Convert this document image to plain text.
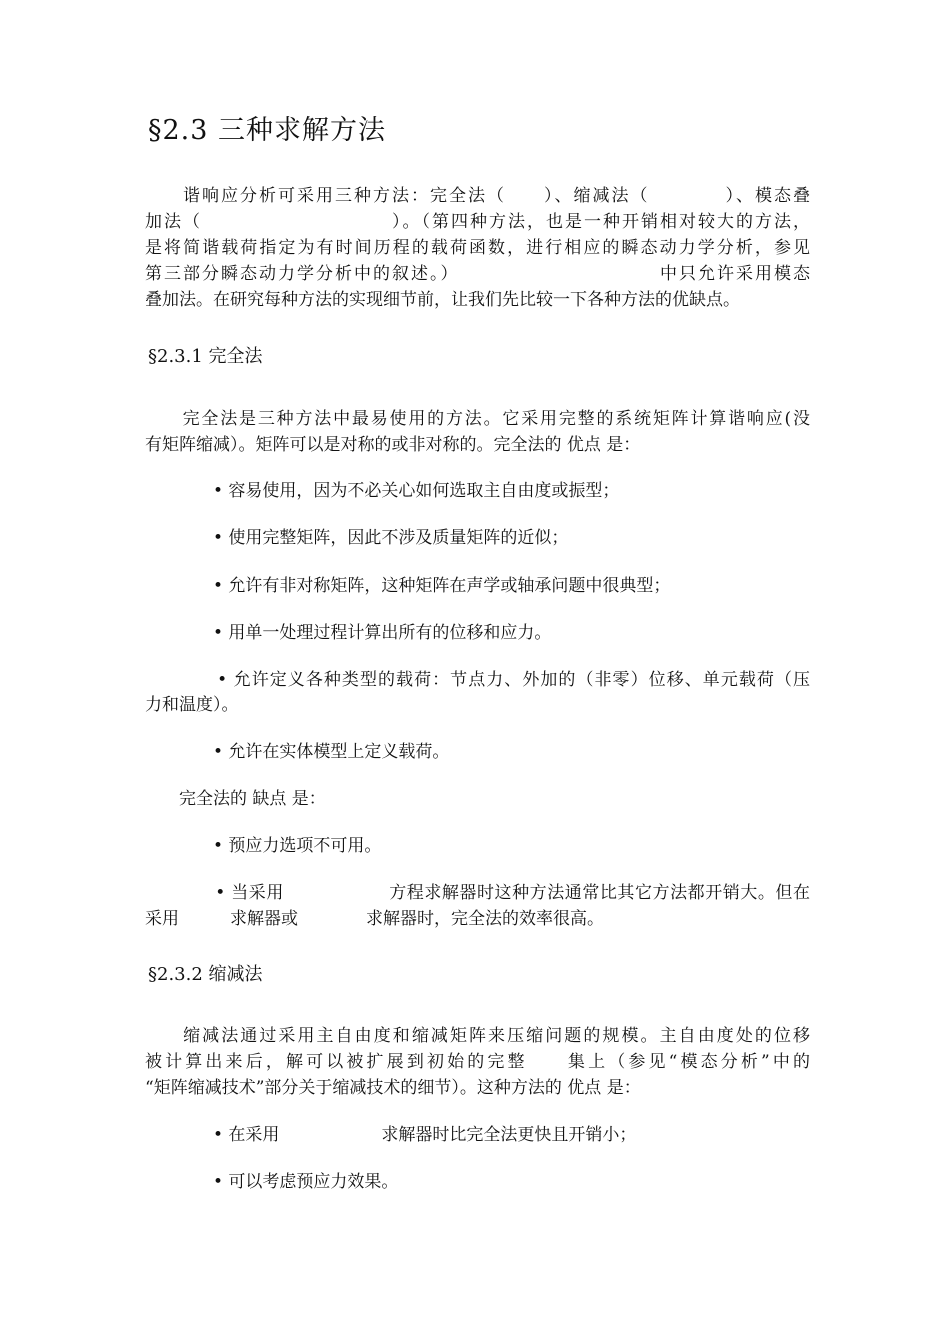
§2.3 三种求解方法
　　谐响应分析可采用三种方法：完全法（　　）、缩减法（　　　　）、模态叠
加法（　　　　　　　　　　）。（第四种方法，也是一种开销相对较大的方法，
是将简谐载荷指定为有时间历程的载荷函数，进行相应的瞬态动力学分析，参见
第三部分瞬态动力学分析中的叙述。）　　　　　　　　　　　中只允许采用模态
叠加法。在研究每种方法的实现细节前，让我们先比较一下各种方法的优缺点。
§2.3.1 完全法
　　完全法是三种方法中最易使用的方法。它采用完整的系统矩阵计算谐响应(没
有矩阵缩减）。矩阵可以是对称的或非对称的。完全法的 优点 是：
　　　　• 容易使用，因为不必关心如何选取主自由度或振型；
　　　　• 使用完整矩阵，因此不涉及质量矩阵的近似；
　　　　• 允许有非对称矩阵，这种矩阵在声学或轴承问题中很典型；
　　　　• 用单一处理过程计算出所有的位移和应力。
　　　　• 允许定义各种类型的载荷：节点力、外加的（非零）位移、单元载荷（压
力和温度）。
　　　　• 允许在实体模型上定义载荷。
　　完全法的 缺点 是：
　　　　• 预应力选项不可用。
　　　　• 当采用　　　　　　方程求解器时这种方法通常比其它方法都开销大。但在
采用　　　求解器或　　　　求解器时，完全法的效率很高。
§2.3.2 缩减法
　　缩减法通过采用主自由度和缩减矩阵来压缩问题的规模。主自由度处的位移
被计算出来后，解可以被扩展到初始的完整　　集上（参见“模态分析”中的
“矩阵缩减技术”部分关于缩减技术的细节）。这种方法的 优点 是：
　　　　• 在采用　　　　　　求解器时比完全法更快且开销小；
　　　　• 可以考虑预应力效果。
